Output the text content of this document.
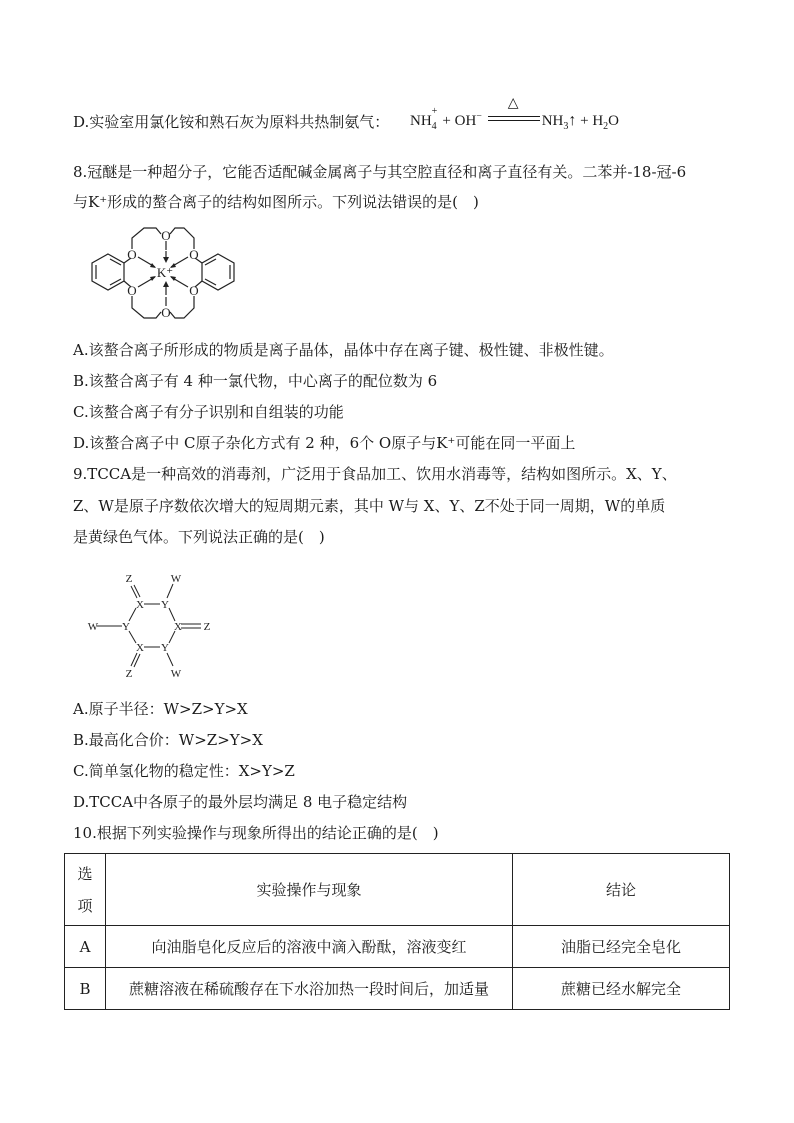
D.实验室用氯化铵和熟石灰为原料共热制氨气： NH
+
4 + OH−
△
$NH_3↑ + H_2O$
8.冠醚是一种超分子，它能否适配碱金属离子与其空腔直径和离子直径有关。二苯并-18-冠-6
与K⁺形成的螯合离子的结构如图所示。下列说法错误的是(　)
O
O
O
O
O
O
K⁺
A.该螯合离子所形成的物质是离子晶体，晶体中存在离子键、极性键、非极性键。
B.该螯合离子有 4 种一氯代物，中心离子的配位数为 6
C.该螯合离子有分子识别和自组装的功能
D.该螯合离子中 C原子杂化方式有 2 种，6个 O原子与K⁺可能在同一平面上
9.TCCA是一种高效的消毒剂，广泛用于食品加工、饮用水消毒等，结构如图所示。X、Y、
Z、W是原子序数依次增大的短周期元素，其中 W与 X、Y、Z不处于同一周期，W的单质
是黄绿色气体。下列说法正确的是(　)
Z	W
X Y
W Y	X Z
X Y
Z	W
A.原子半径：W>Z>Y>X
B.最高化合价：W>Z>Y>X
C.简单氢化物的稳定性：X>Y>Z
D.TCCA中各原子的最外层均满足 8 电子稳定结构
10.根据下列实验操作与现象所得出的结论正确的是(　)
选
项	实验操作与现象	结论
A	向油脂皂化反应后的溶液中滴入酚酞，溶液变红	油脂已经完全皂化
B	蔗糖溶液在稀硫酸存在下水浴加热一段时间后，加适量	蔗糖已经水解完全
